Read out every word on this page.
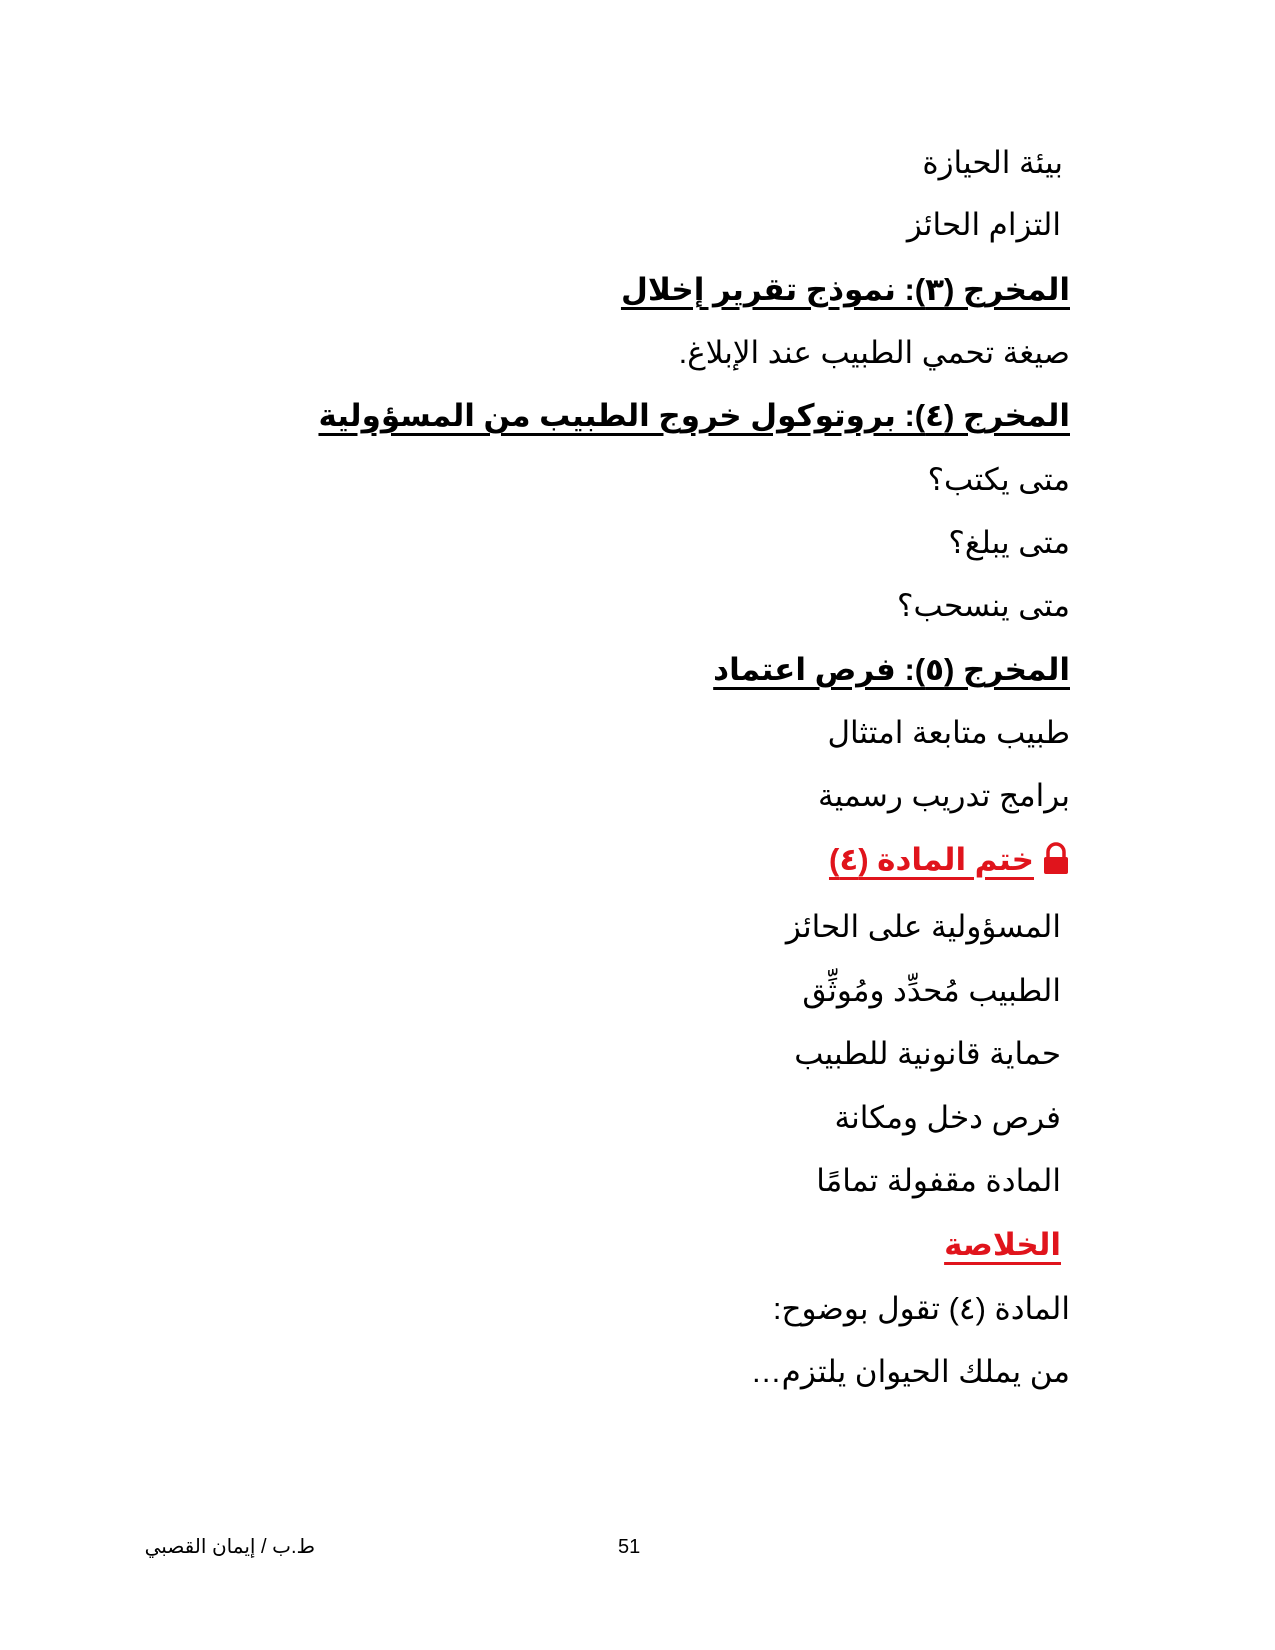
بيئة الحيازة
التزام الحائز
المخرج (٣): نموذج تقرير إخلال
صيغة تحمي الطبيب عند الإبلاغ.
المخرج (٤): بروتوكول خروج الطبيب من المسؤولية
متى يكتب؟
متى يبلغ؟
متى ينسحب؟
المخرج (٥): فرص اعتماد
طبيب متابعة امتثال
برامج تدريب رسمية
ختم المادة (٤)
المسؤولية على الحائز
الطبيب مُحدِّد ومُوثِّق
حماية قانونية للطبيب
فرص دخل ومكانة
المادة مقفولة تمامًا
الخلاصة
المادة (٤) تقول بوضوح:
من يملك الحيوان يلتزم…
ط.ب / إيمان القصبي	51
